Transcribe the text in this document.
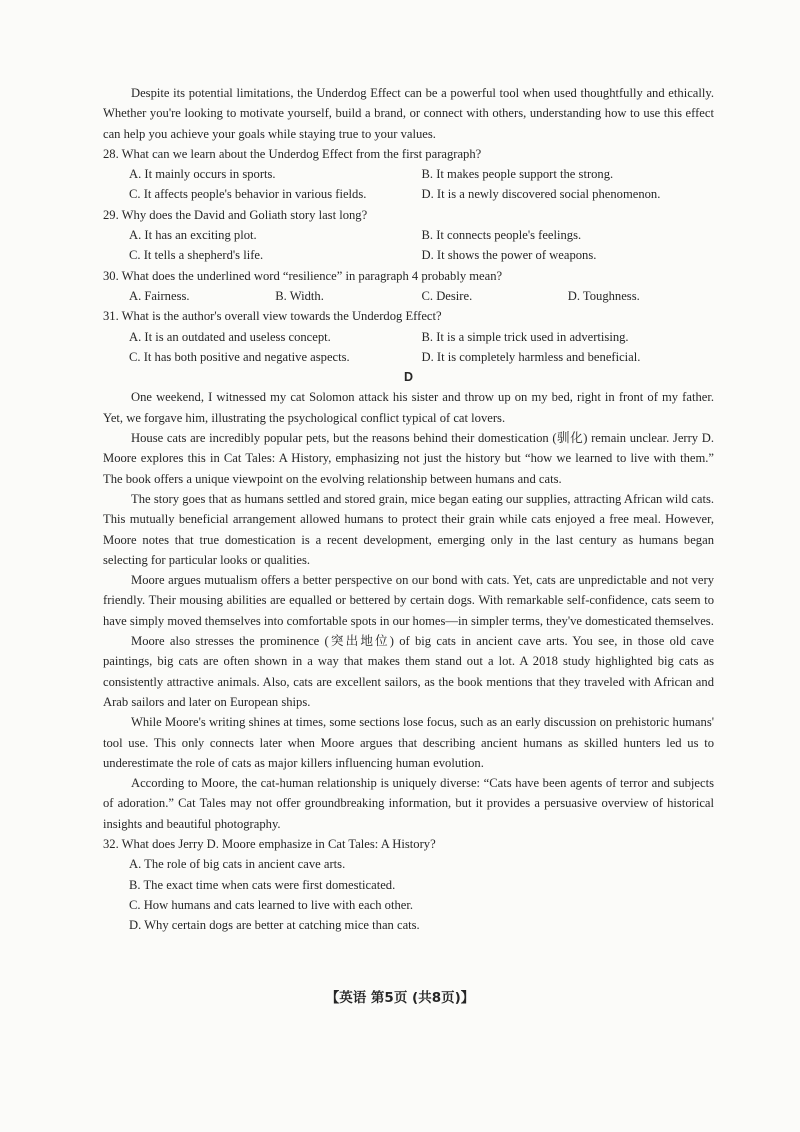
Despite its potential limitations, the Underdog Effect can be a powerful tool when used thoughtfully and ethically. Whether you're looking to motivate yourself, build a brand, or connect with others, understanding how to use this effect can help you achieve your goals while staying true to your values.

28. What can we learn about the Underdog Effect from the first paragraph?

A. It mainly occurs in sports.	B. It makes people support the strong.
C. It affects people's behavior in various fields.	D. It is a newly discovered social phenomenon.

29. Why does the David and Goliath story last long?

A. It has an exciting plot.	B. It connects people's feelings.
C. It tells a shepherd's life.	D. It shows the power of weapons.

30. What does the underlined word “resilience” in paragraph 4 probably mean?

A. Fairness.	B. Width.	C. Desire.	D. Toughness.

31. What is the author's overall view towards the Underdog Effect?

A. It is an outdated and useless concept.	B. It is a simple trick used in advertising.
C. It has both positive and negative aspects.	D. It is completely harmless and beneficial.

D

One weekend, I witnessed my cat Solomon attack his sister and throw up on my bed, right in front of my father. Yet, we forgave him, illustrating the psychological conflict typical of cat lovers.

House cats are incredibly popular pets, but the reasons behind their domestication (驯化) remain unclear. Jerry D. Moore explores this in Cat Tales: A History, emphasizing not just the history but “how we learned to live with them.” The book offers a unique viewpoint on the evolving relationship between humans and cats.

The story goes that as humans settled and stored grain, mice began eating our supplies, attracting African wild cats. This mutually beneficial arrangement allowed humans to protect their grain while cats enjoyed a free meal. However, Moore notes that true domestication is a recent development, emerging only in the last century as humans began selecting for particular looks or qualities.

Moore argues mutualism offers a better perspective on our bond with cats. Yet, cats are unpredictable and not very friendly. Their mousing abilities are equalled or bettered by certain dogs. With remarkable self-confidence, cats seem to have simply moved themselves into comfortable spots in our homes—in simpler terms, they've domesticated themselves.

Moore also stresses the prominence (突出地位) of big cats in ancient cave arts. You see, in those old cave paintings, big cats are often shown in a way that makes them stand out a lot. A 2018 study highlighted big cats as consistently attractive animals. Also, cats are excellent sailors, as the book mentions that they traveled with African and Arab sailors and later on European ships.

While Moore's writing shines at times, some sections lose focus, such as an early discussion on prehistoric humans' tool use. This only connects later when Moore argues that describing ancient humans as skilled hunters led us to underestimate the role of cats as major killers influencing human evolution.

According to Moore, the cat-human relationship is uniquely diverse: “Cats have been agents of terror and subjects of adoration.” Cat Tales may not offer groundbreaking information, but it provides a persuasive overview of historical insights and beautiful photography.

32. What does Jerry D. Moore emphasize in Cat Tales: A History?

A. The role of big cats in ancient cave arts.

B. The exact time when cats were first domesticated.

C. How humans and cats learned to live with each other.

D. Why certain dogs are better at catching mice than cats.

【英语 第5页 (共8页)】
